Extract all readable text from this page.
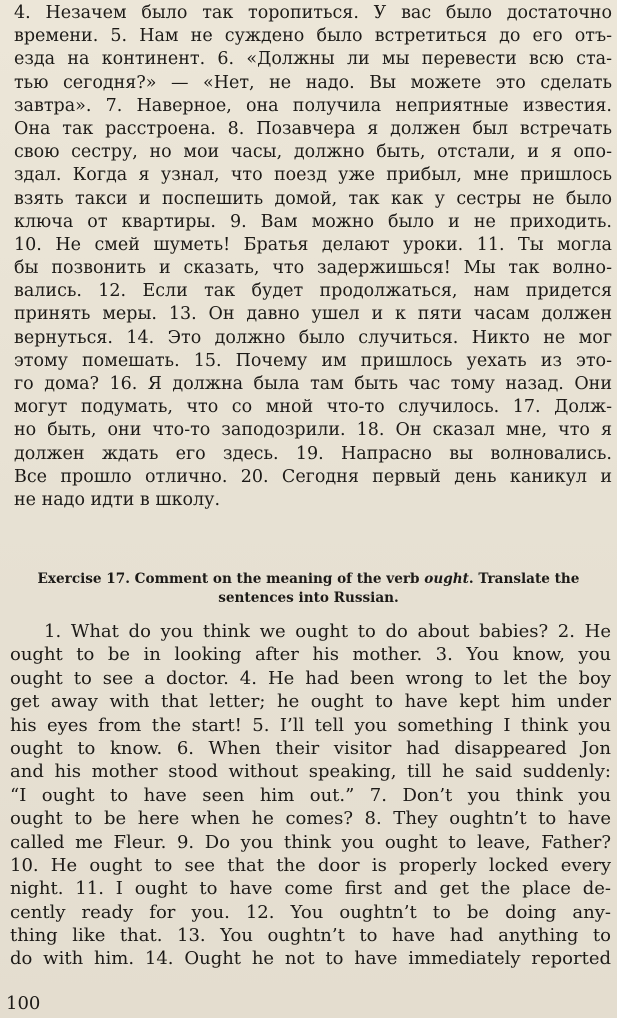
4. Незачем было так торопиться. У вас было достаточно
времени. 5. Нам не суждено было встретиться до его отъ-
езда на континент. 6. «Должны ли мы перевести всю ста-
тью сегодня?» — «Нет, не надо. Вы можете это сделать
завтра». 7. Наверное, она получила неприятные известия.
Она так расстроена. 8. Позавчера я должен был встречать
свою сестру, но мои часы, должно быть, отстали, и я опо-
здал. Когда я узнал, что поезд уже прибыл, мне пришлось
взять такси и поспешить домой, так как у сестры не было
ключа от квартиры. 9. Вам можно было и не приходить.
10. Не смей шуметь! Братья делают уроки. 11. Ты могла
бы позвонить и сказать, что задержишься! Мы так волно-
вались. 12. Если так будет продолжаться, нам придется
принять меры. 13. Он давно ушел и к пяти часам должен
вернуться. 14. Это должно было случиться. Никто не мог
этому помешать. 15. Почему им пришлось уехать из это-
го дома? 16. Я должна была там быть час тому назад. Они
могут подумать, что со мной что-то случилось. 17. Долж-
но быть, они что-то заподозрили. 18. Он сказал мне, что я
должен ждать его здесь. 19. Напрасно вы волновались.
Все прошло отлично. 20. Сегодня первый день каникул и
не надо идти в школу.
Exercise 17. Comment on the meaning of the verb ought. Translate the sentences into Russian.
1. What do you think we ought to do about babies? 2. He
ought to be in looking after his mother. 3. You know, you
ought to see a doctor. 4. He had been wrong to let the boy
get away with that letter; he ought to have kept him under
his eyes from the start! 5. I’ll tell you something I think you
ought to know. 6. When their visitor had disappeared Jon
and his mother stood without speaking, till he said suddenly:
“I ought to have seen him out.” 7. Don’t you think you
ought to be here when he comes? 8. They oughtn’t to have
called me Fleur. 9. Do you think you ought to leave, Father?
10. He ought to see that the door is properly locked every
night. 11. I ought to have come first and get the place de-
cently ready for you. 12. You oughtn’t to be doing any-
thing like that. 13. You oughtn’t to have had anything to
do with him. 14. Ought he not to have immediately reported
100
